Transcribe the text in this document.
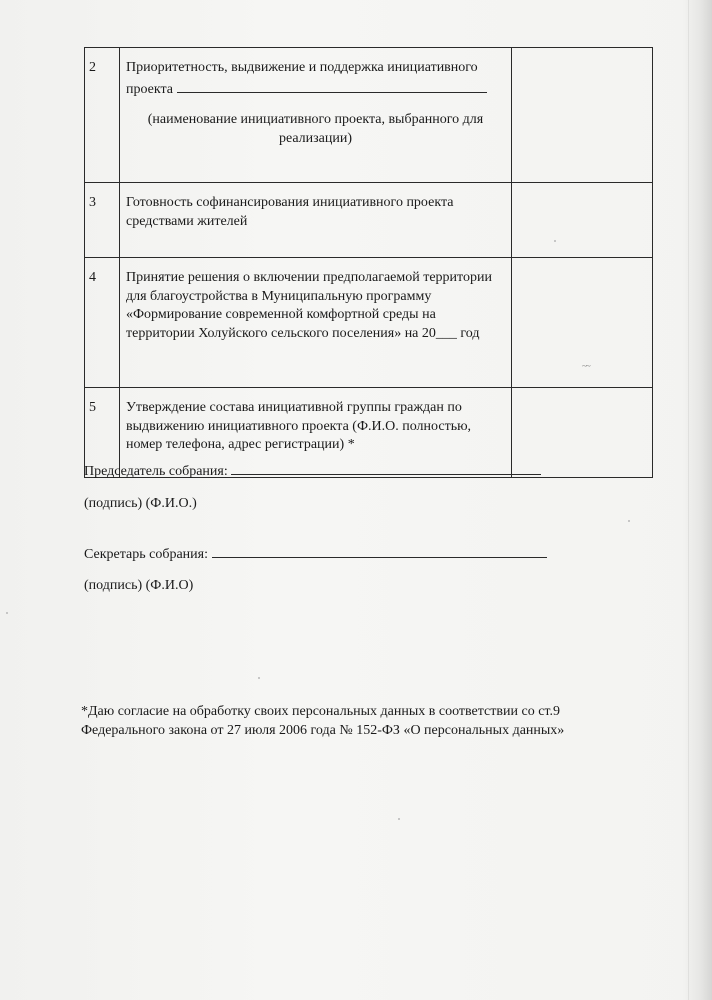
2	Приоритетность, выдвижение и поддержка инициативного проекта
(наименование инициативного проекта, выбранного для реализации)	

3	Готовность софинансирования инициативного проекта средствами жителей	
4	Принятие решения о включении предполагаемой территории для благоустройства в Муниципальную программу «Формирование современной комфортной среды на территории Холуйского сельского поселения» на 20___ год	
5	Утверждение состава инициативной группы граждан по выдвижению инициативного проекта (Ф.И.О. полностью, номер телефона, адрес регистрации) *	
~~
Председатель собрания:
(подпись) (Ф.И.О.)
Секретарь собрания:
(подпись) (Ф.И.О)
*Даю согласие на обработку своих персональных данных в соответствии со ст.9 Федерального закона от 27 июля 2006 года № 152-ФЗ «О персональных данных»
